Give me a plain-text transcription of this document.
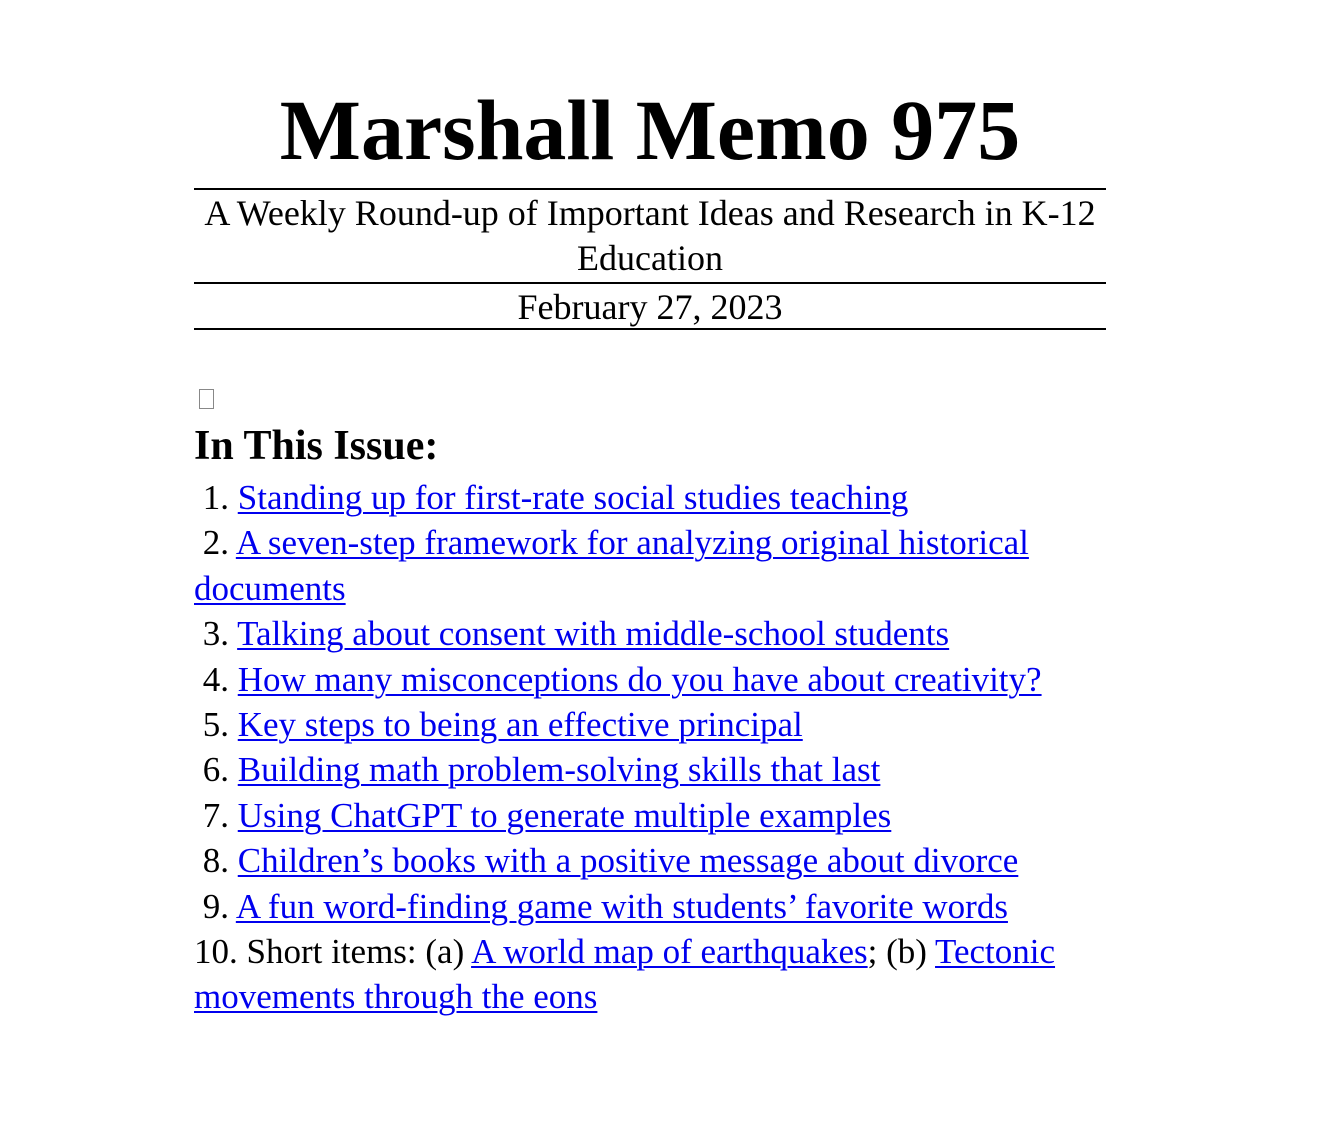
Marshall Memo 975
A Weekly Round-up of Important Ideas and Research in K-12 Education
February 27, 2023
In This Issue:
1. Standing up for first-rate social studies teaching
2. A seven-step framework for analyzing original historical documents
3. Talking about consent with middle-school students
4. How many misconceptions do you have about creativity?
5. Key steps to being an effective principal
6. Building math problem-solving skills that last
7. Using ChatGPT to generate multiple examples
8. Children’s books with a positive message about divorce
9. A fun word-finding game with students’ favorite words
10. Short items: (a) A world map of earthquakes; (b) Tectonic movements through the eons
